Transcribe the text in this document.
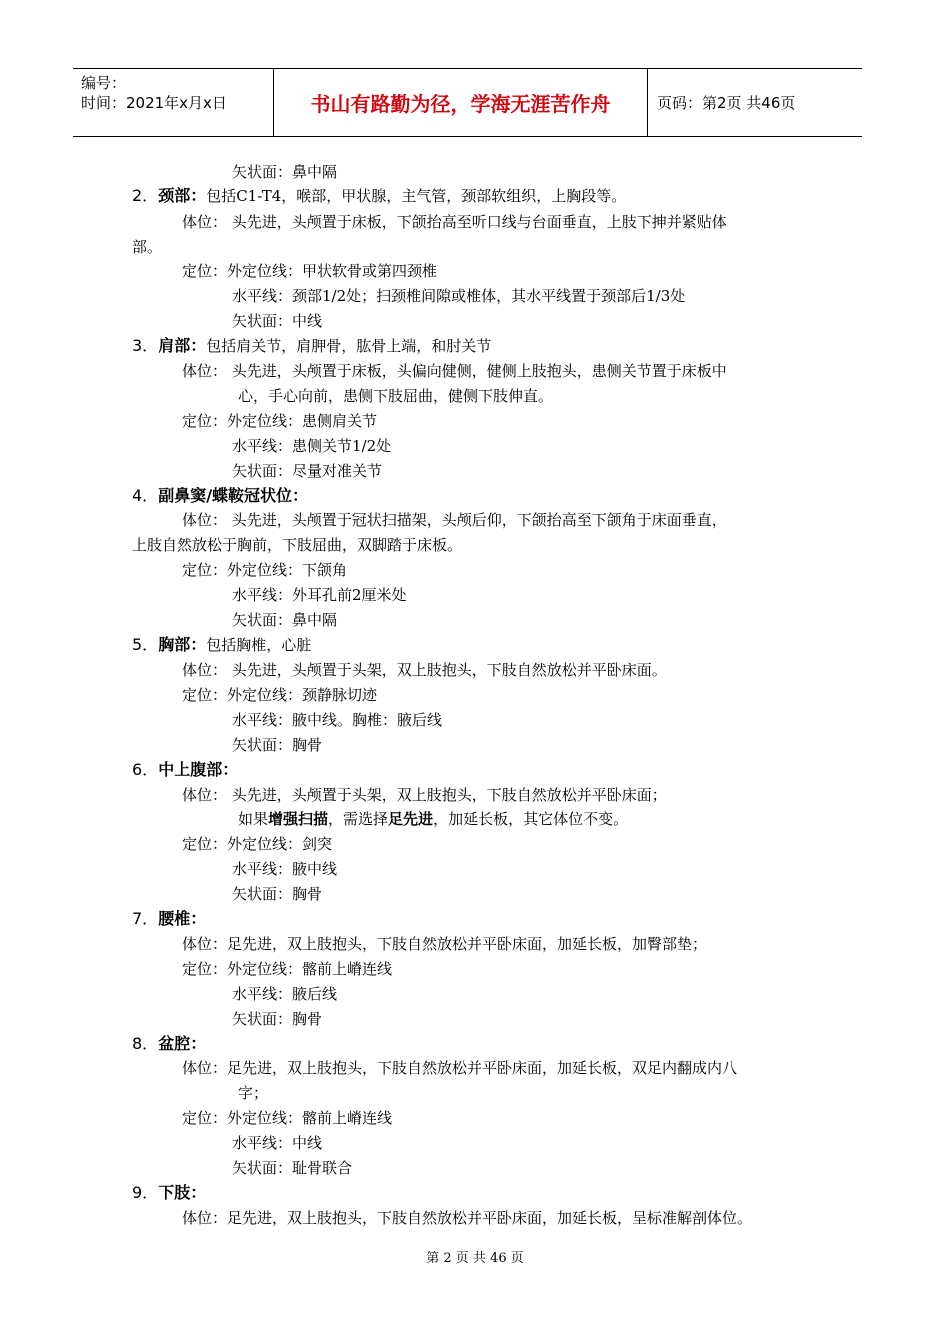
编号：
时间：2021年x月x日	书山有路勤为径，学海无涯苦作舟	页码：第2页 共46页
矢状面：鼻中隔
2．颈部：包括C1-T4，喉部，甲状腺，主气管，颈部软组织，上胸段等。
体位： 头先进，头颅置于床板，下颌抬高至听口线与台面垂直，上肢下抻并紧贴体
部。
定位：外定位线：甲状软骨或第四颈椎
水平线：颈部1/2处；扫颈椎间隙或椎体，其水平线置于颈部后1/3处
矢状面：中线
3．肩部：包括肩关节，肩胛骨，肱骨上端，和肘关节
体位： 头先进，头颅置于床板，头偏向健侧，健侧上肢抱头，患侧关节置于床板中
心，手心向前，患侧下肢屈曲，健侧下肢伸直。
定位：外定位线：患侧肩关节
水平线：患侧关节1/2处
矢状面：尽量对准关节
4．副鼻窦/蝶鞍冠状位：
体位： 头先进，头颅置于冠状扫描架，头颅后仰，下颌抬高至下颌角于床面垂直，
上肢自然放松于胸前，下肢屈曲，双脚踏于床板。
定位：外定位线：下颌角
水平线：外耳孔前2厘米处
矢状面：鼻中隔
5．胸部：包括胸椎，心脏
体位： 头先进，头颅置于头架，双上肢抱头，下肢自然放松并平卧床面。
定位：外定位线：颈静脉切迹
水平线：腋中线。胸椎：腋后线
矢状面：胸骨
6．中上腹部：
体位： 头先进，头颅置于头架，双上肢抱头，下肢自然放松并平卧床面；
如果增强扫描，需选择足先进，加延长板，其它体位不变。
定位：外定位线：剑突
水平线：腋中线
矢状面：胸骨
7．腰椎：
体位：足先进，双上肢抱头，下肢自然放松并平卧床面，加延长板，加臀部垫；
定位：外定位线：髂前上嵴连线
水平线：腋后线
矢状面：胸骨
8．盆腔：
体位：足先进，双上肢抱头，下肢自然放松并平卧床面，加延长板，双足内翻成内八
字；
定位：外定位线：髂前上嵴连线
水平线：中线
矢状面：耻骨联合
9．下肢：
体位：足先进，双上肢抱头，下肢自然放松并平卧床面，加延长板，呈标准解剖体位。
第 2 页 共 46 页
